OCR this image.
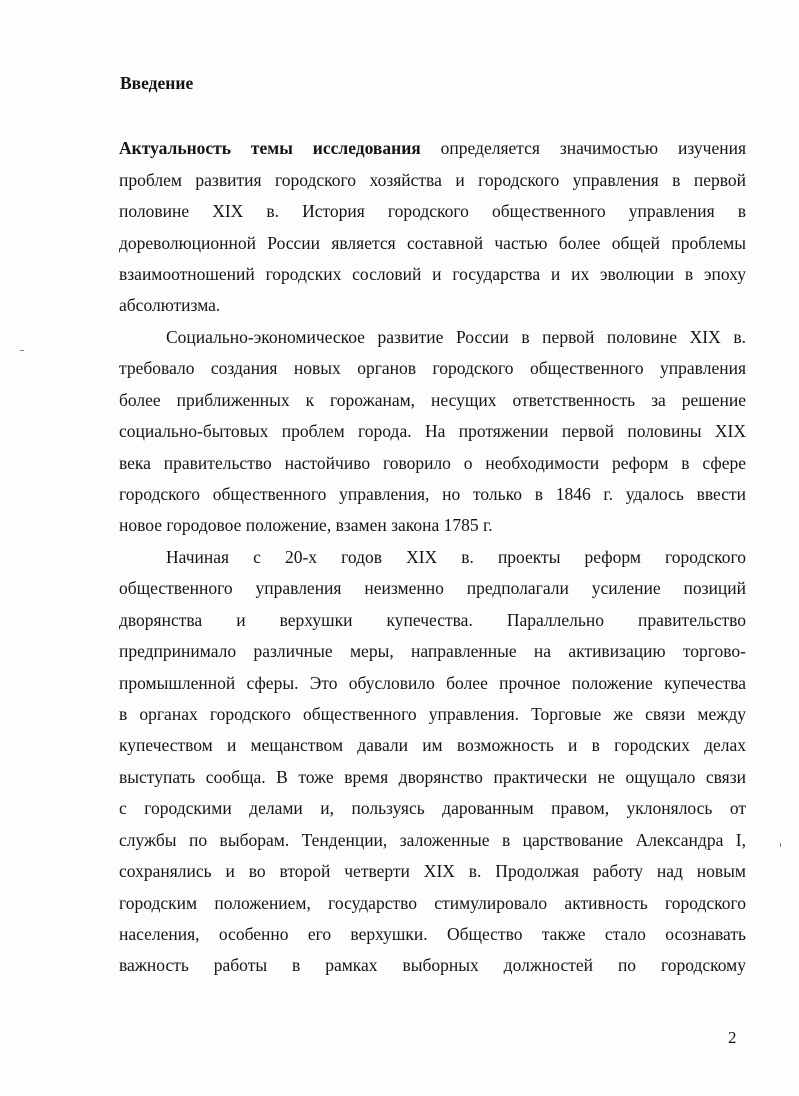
Введение
Актуальность темы исследования определяется значимостью изучения
проблем развития городского хозяйства и городского управления в первой
половине XIX в. История городского общественного управления в
дореволюционной России является составной частью более общей проблемы
взаимоотношений городских сословий и государства и их эволюции в эпоху
абсолютизма.
Социально-экономическое развитие России в первой половине XIX в.
требовало создания новых органов городского общественного управления
более приближенных к горожанам, несущих ответственность за решение
социально-бытовых проблем города. На протяжении первой половины XIX
века правительство настойчиво говорило о необходимости реформ в сфере
городского общественного управления, но только в 1846 г. удалось ввести
новое городовое положение, взамен закона 1785 г.
Начиная с 20-х годов XIX в. проекты реформ городского
общественного управления неизменно предполагали усиление позиций
дворянства и верхушки купечества. Параллельно правительство
предпринимало различные меры, направленные на активизацию торгово-
промышленной сферы. Это обусловило более прочное положение купечества
в органах городского общественного управления. Торговые же связи между
купечеством и мещанством давали им возможность и в городских делах
выступать сообща. В тоже время дворянство практически не ощущало связи
с городскими делами и, пользуясь дарованным правом, уклонялось от
службы по выборам. Тенденции, заложенные в царствование Александра I,
сохранялись и во второй четверти XIX в. Продолжая работу над новым
городским положением, государство стимулировало активность городского
населения, особенно его верхушки. Общество также стало осознавать
важность работы в рамках выборных должностей по городскому
2
